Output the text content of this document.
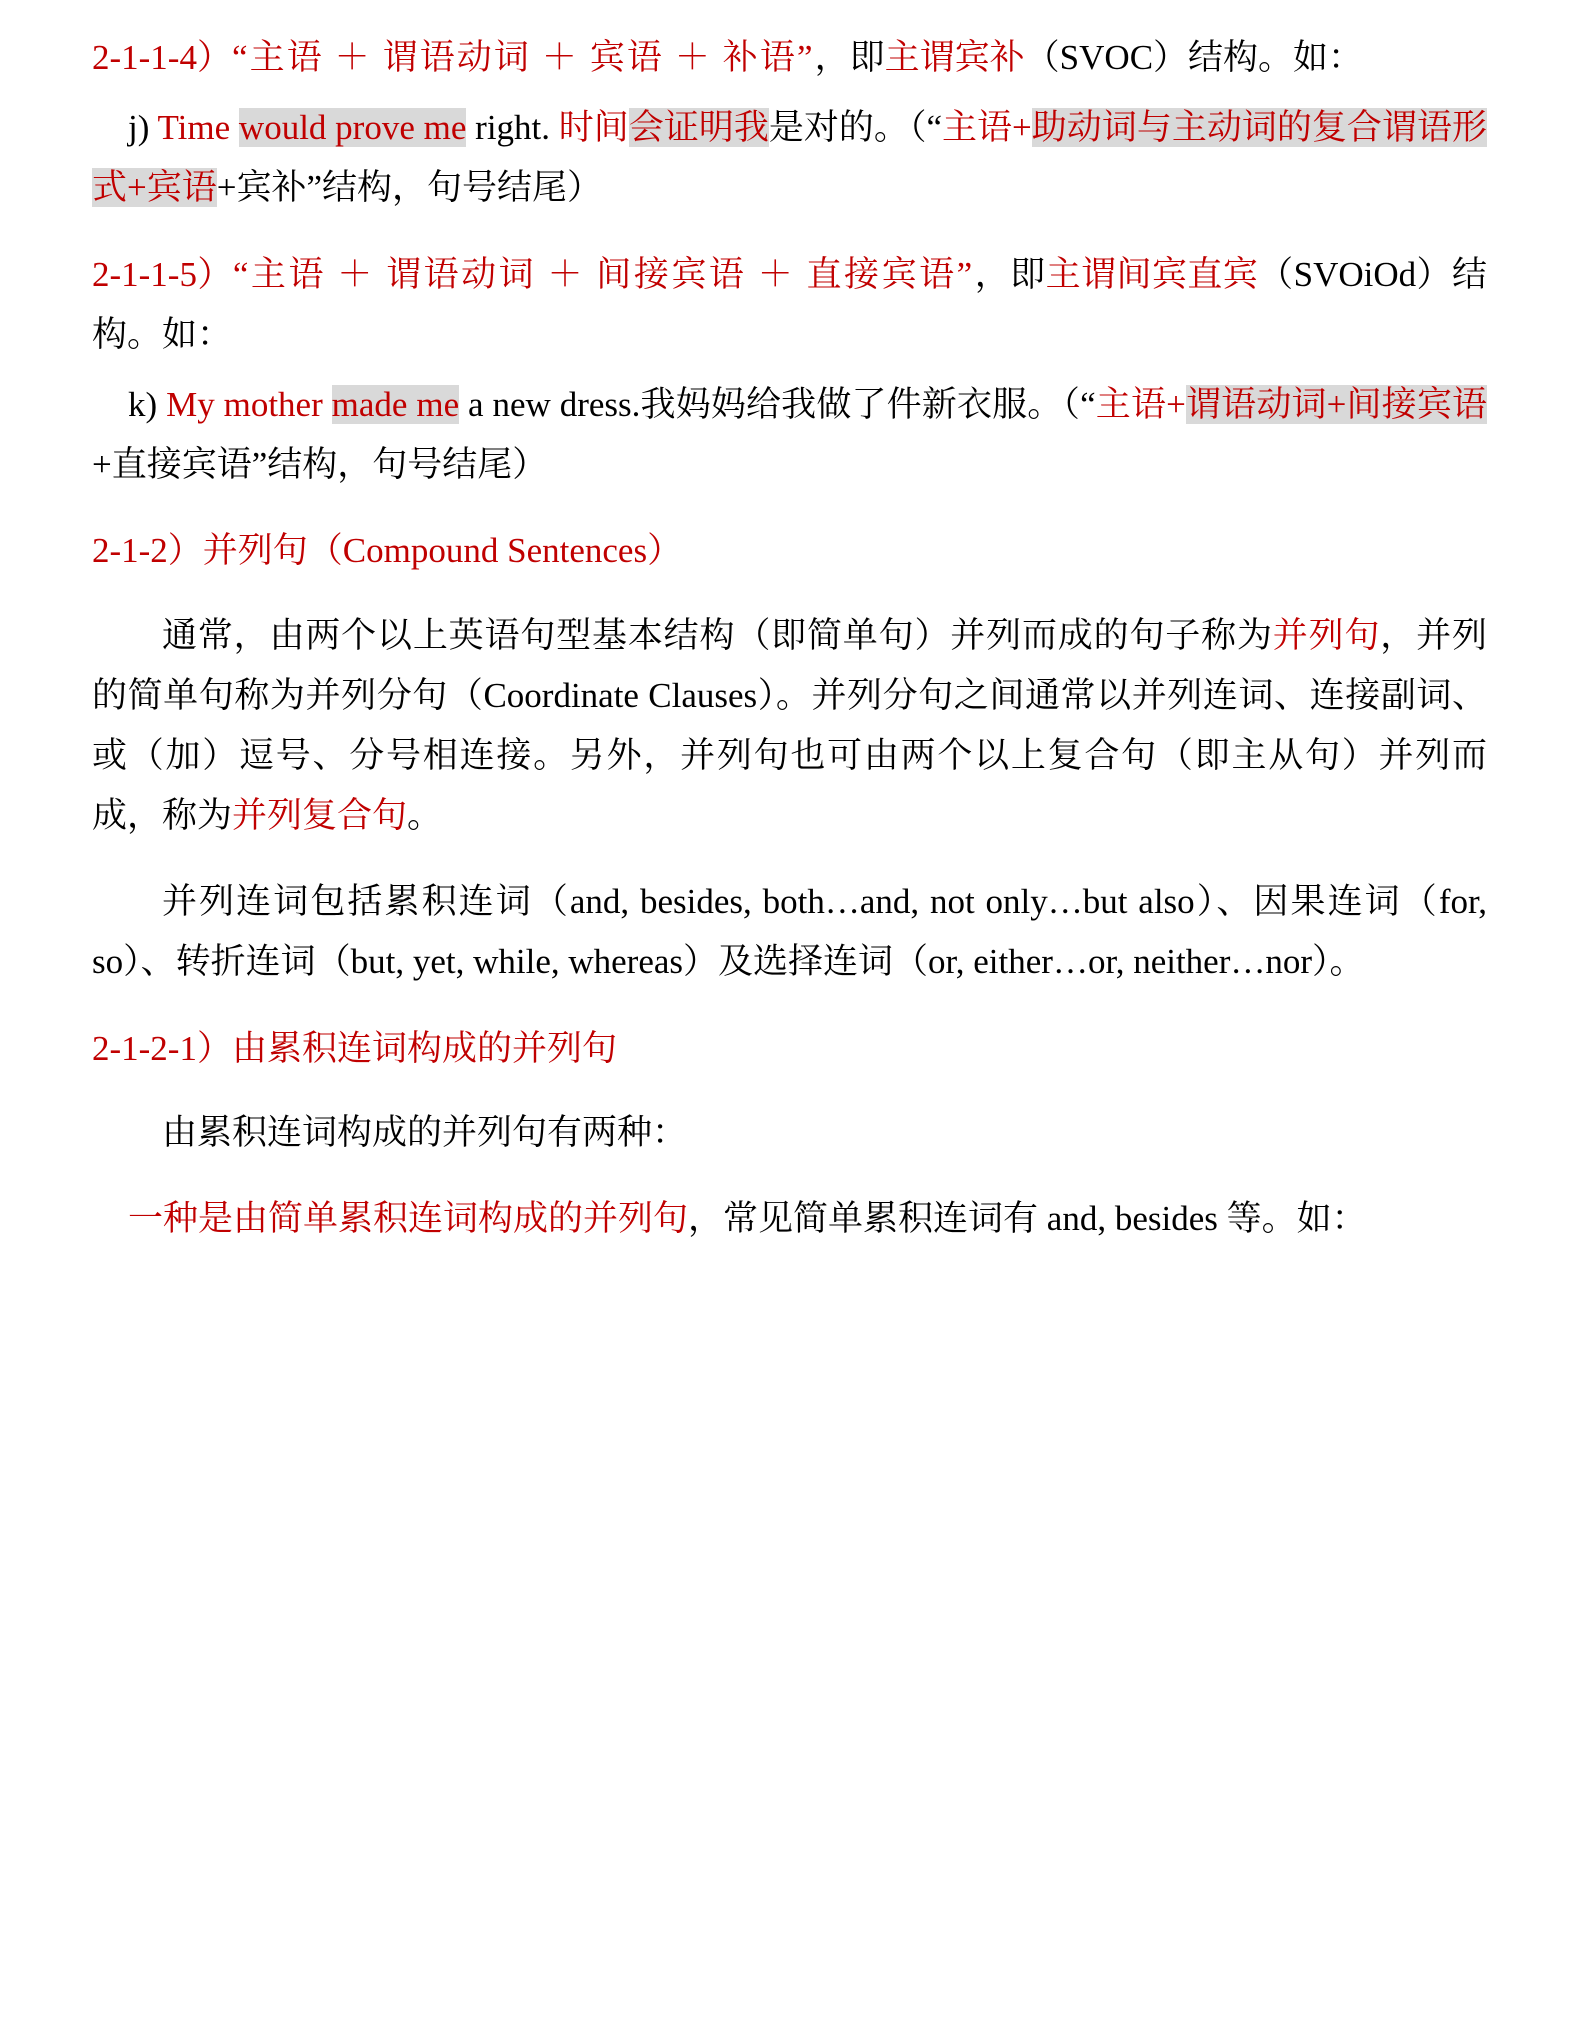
2-1-1-4）“主语 ＋ 谓语动词 ＋ 宾语 ＋ 补语”，即主谓宾补（SVOC）结构。如：

j) Time would prove me right. 时间会证明我是对的。（“主语+助动词与主动词的复合谓语形式+宾语+宾补”结构，句号结尾）

2-1-1-5）“主语 ＋ 谓语动词 ＋ 间接宾语 ＋ 直接宾语”，即主谓间宾直宾（SVOiOd）结构。如：

k) My mother made me a new dress.我妈妈给我做了件新衣服。（“主语+谓语动词+间接宾语+直接宾语”结构，句号结尾）

2-1-2）并列句（Compound Sentences）

通常，由两个以上英语句型基本结构（即简单句）并列而成的句子称为并列句，并列的简单句称为并列分句（Coordinate Clauses）。并列分句之间通常以并列连词、连接副词、或（加）逗号、分号相连接。另外，并列句也可由两个以上复合句（即主从句）并列而成，称为并列复合句。

并列连词包括累积连词（and, besides, both…and, not only…but also）、因果连词（for, so）、转折连词（but, yet, while, whereas）及选择连词（or, either…or, neither…nor）。

2-1-2-1）由累积连词构成的并列句

由累积连词构成的并列句有两种：

一种是由简单累积连词构成的并列句，常见简单累积连词有 and, besides 等。如：
